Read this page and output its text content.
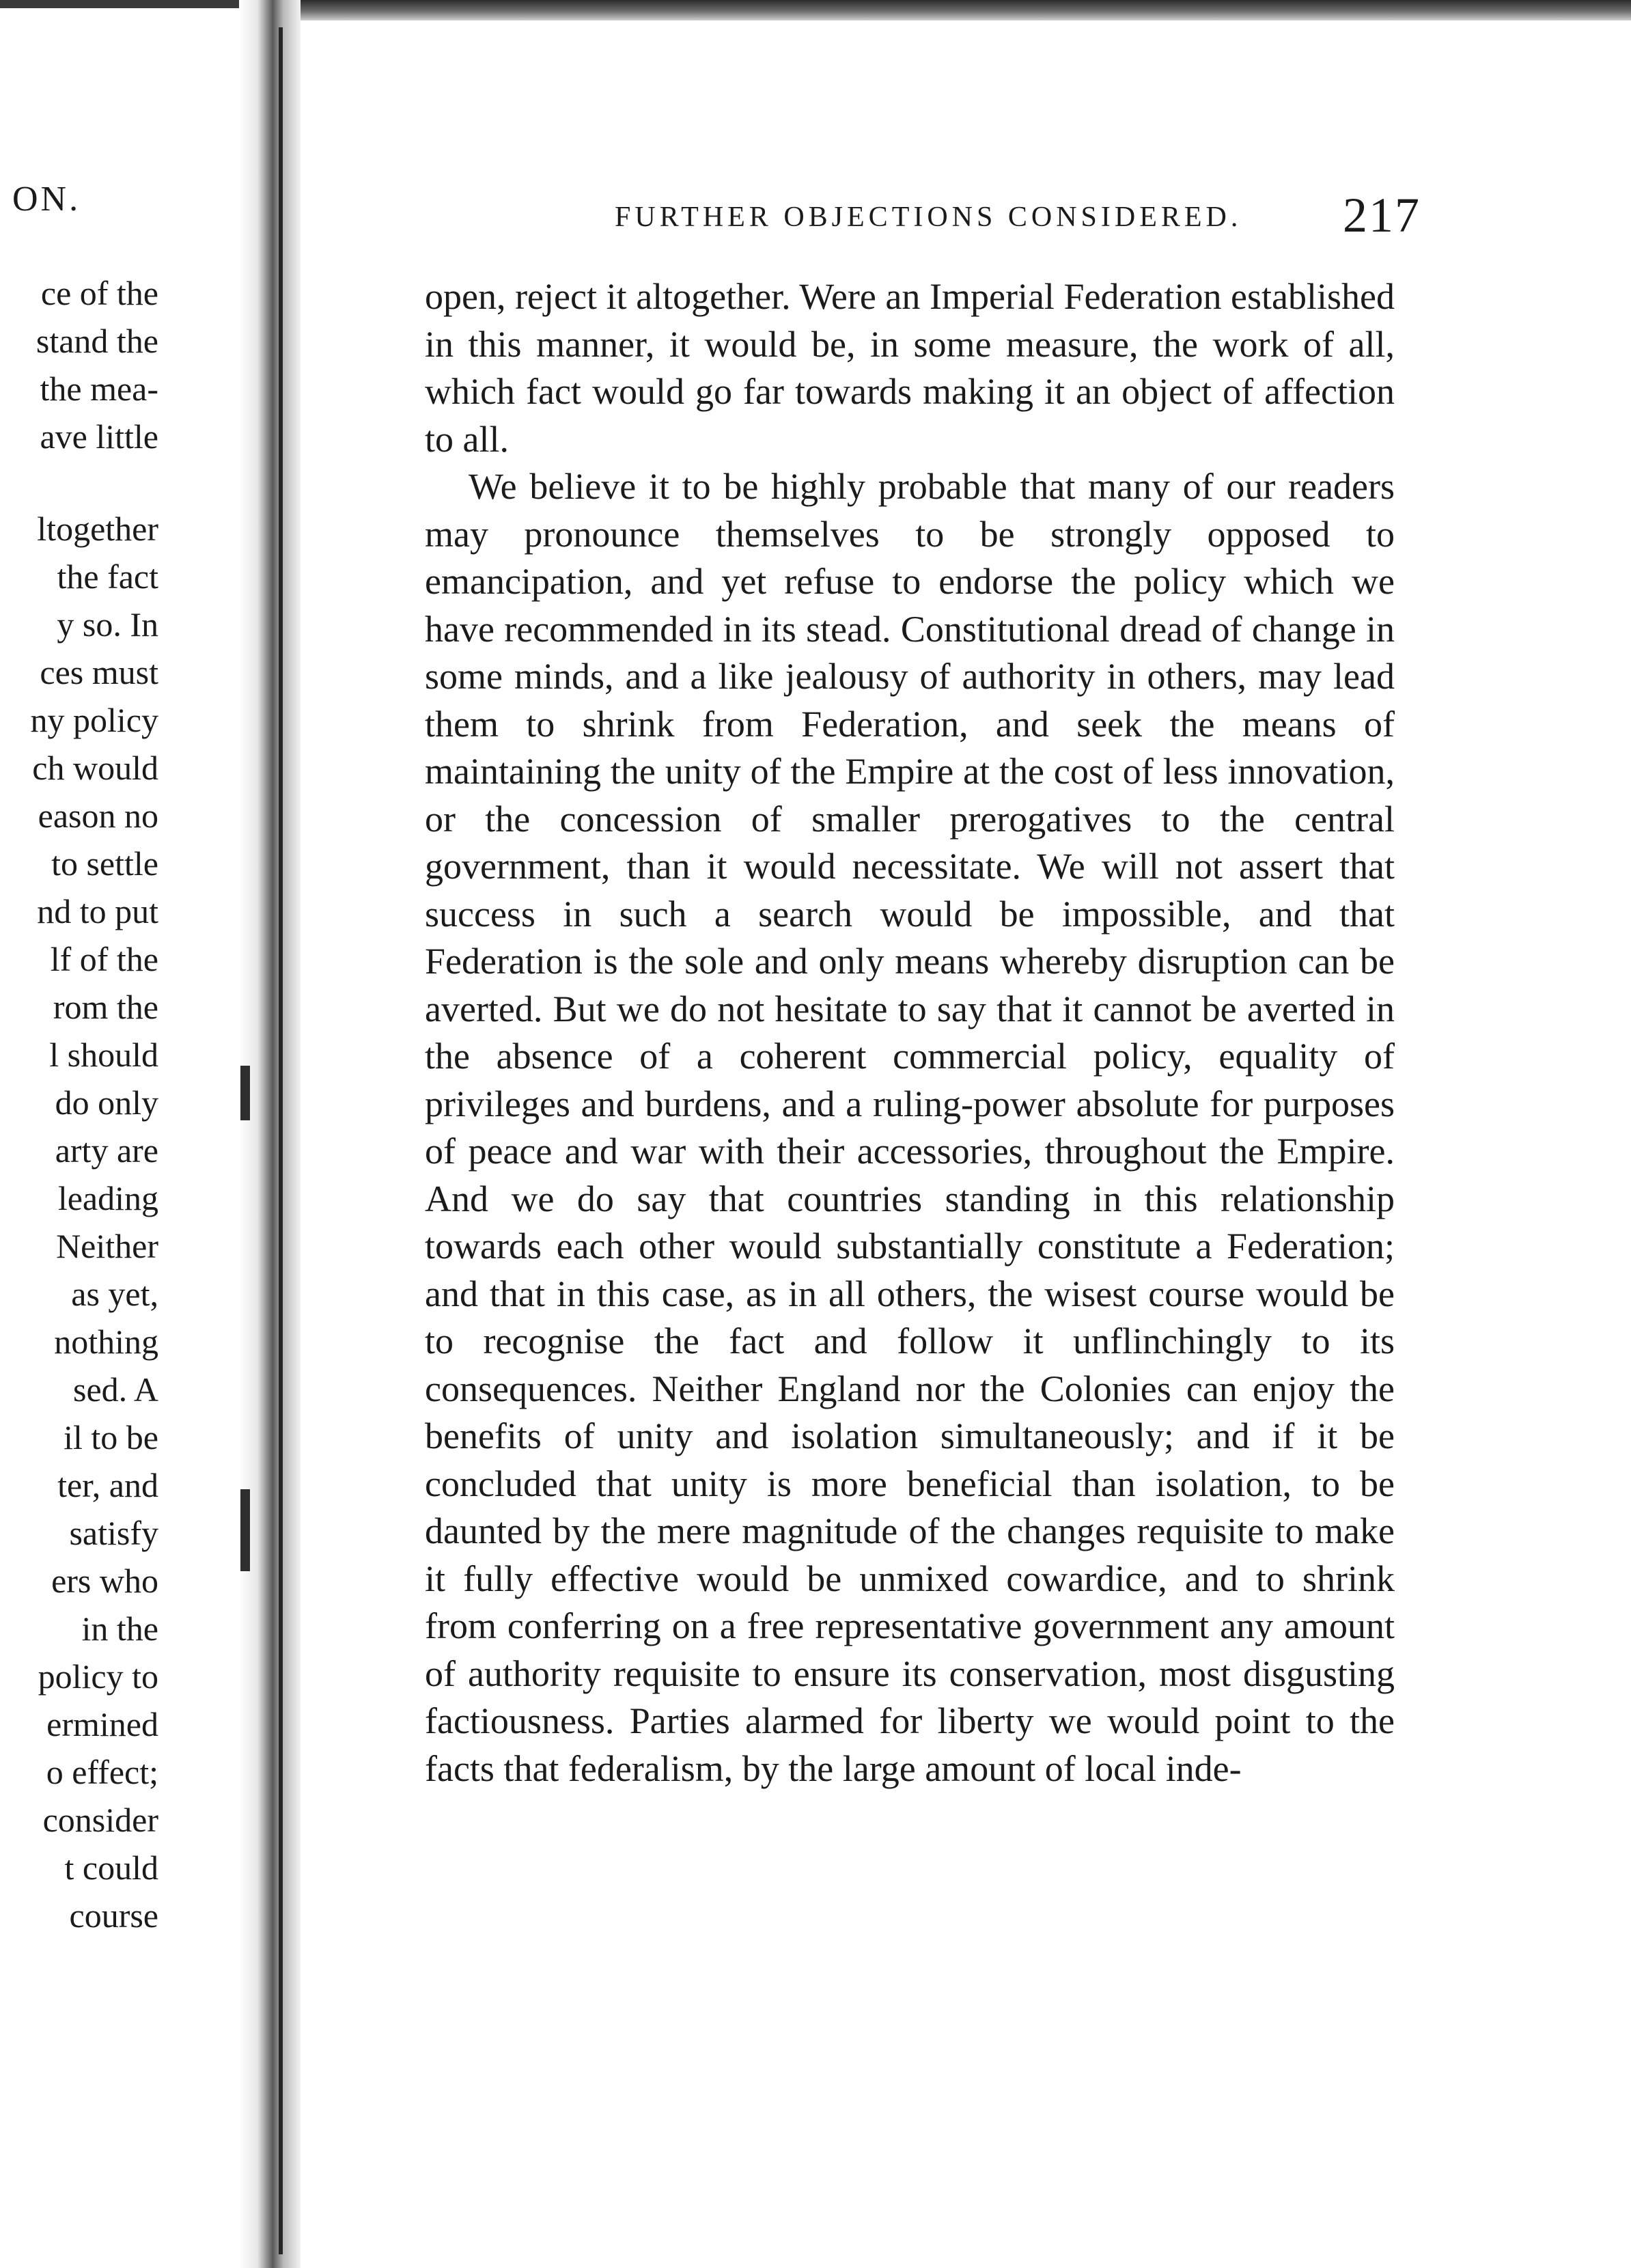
ON.
ce of the
stand the
the mea-
ave little
ltogether
the fact
y so. In
ces must
ny policy
ch would
eason no
to settle
nd to put
lf of the
rom the
l should
do only
arty are
leading
Neither
as yet,
nothing
sed. A
il to be
ter, and
satisfy
ers who
in the
policy to
ermined
o effect;
consider
t could
course
FURTHER OBJECTIONS CONSIDERED. 217

open, reject it altogether. Were an Imperial Federation established in this manner, it would be, in some measure, the work of all, which fact would go far towards making it an object of affection to all.

We believe it to be highly probable that many of our readers may pronounce themselves to be strongly opposed to emancipation, and yet refuse to endorse the policy which we have recommended in its stead. Constitutional dread of change in some minds, and a like jealousy of authority in others, may lead them to shrink from Federation, and seek the means of maintaining the unity of the Empire at the cost of less innovation, or the concession of smaller prerogatives to the central government, than it would necessitate. We will not assert that success in such a search would be impossible, and that Federation is the sole and only means whereby disruption can be averted. But we do not hesitate to say that it cannot be averted in the absence of a coherent commercial policy, equality of privileges and burdens, and a ruling-power absolute for purposes of peace and war with their accessories, throughout the Empire. And we do say that countries standing in this relationship towards each other would substantially constitute a Federation; and that in this case, as in all others, the wisest course would be to recognise the fact and follow it unflinchingly to its consequences. Neither England nor the Colonies can enjoy the benefits of unity and isolation simultaneously; and if it be concluded that unity is more beneficial than isolation, to be daunted by the mere magnitude of the changes requisite to make it fully effective would be unmixed cowardice, and to shrink from conferring on a free representative government any amount of authority requisite to ensure its conservation, most disgusting factiousness. Parties alarmed for liberty we would point to the facts that federalism, by the large amount of local inde-
